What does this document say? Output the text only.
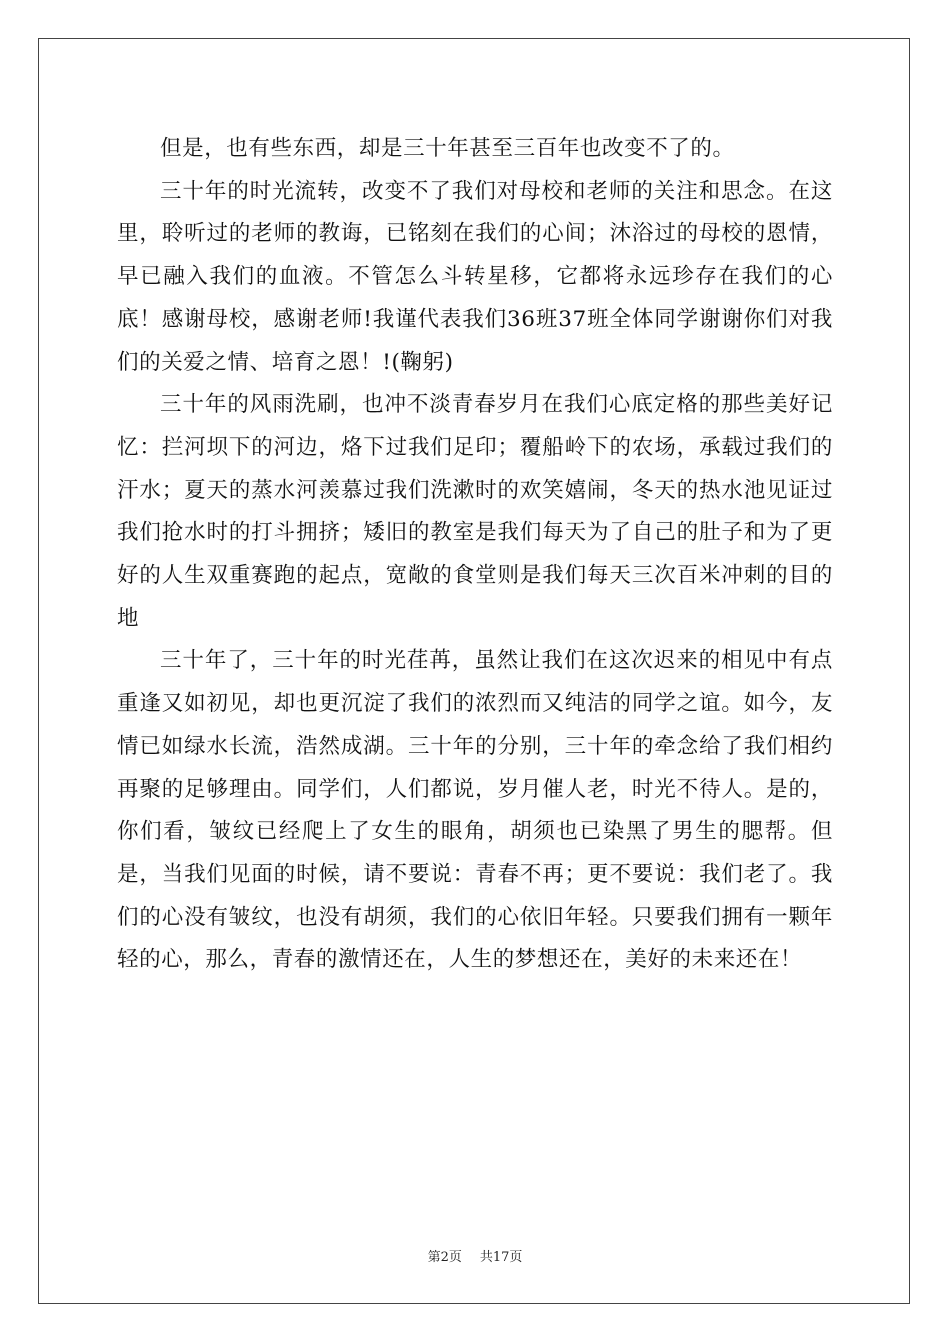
但是，也有些东西，却是三十年甚至三百年也改变不了的。

三十年的时光流转，改变不了我们对母校和老师的关注和思念。在这里，聆听过的老师的教诲，已铭刻在我们的心间；沐浴过的母校的恩情，早已融入我们的血液。不管怎么斗转星移，它都将永远珍存在我们的心底！感谢母校，感谢老师!我谨代表我们36班37班全体同学谢谢你们对我们的关爱之情、培育之恩！!(鞠躬)

三十年的风雨洗刷，也冲不淡青春岁月在我们心底定格的那些美好记忆：拦河坝下的河边，烙下过我们足印；覆船岭下的农场，承载过我们的汗水；夏天的蒸水河羡慕过我们洗漱时的欢笑嬉闹，冬天的热水池见证过我们抢水时的打斗拥挤；矮旧的教室是我们每天为了自己的肚子和为了更好的人生双重赛跑的起点，宽敞的食堂则是我们每天三次百米冲刺的目的地

三十年了，三十年的时光荏苒，虽然让我们在这次迟来的相见中有点重逢又如初见，却也更沉淀了我们的浓烈而又纯洁的同学之谊。如今，友情已如绿水长流，浩然成湖。三十年的分别，三十年的牵念给了我们相约再聚的足够理由。同学们，人们都说，岁月催人老，时光不待人。是的，你们看，皱纹已经爬上了女生的眼角，胡须也已染黑了男生的腮帮。但是，当我们见面的时候，请不要说：青春不再；更不要说：我们老了。我们的心没有皱纹，也没有胡须，我们的心依旧年轻。只要我们拥有一颗年轻的心，那么，青春的激情还在，人生的梦想还在，美好的未来还在！

第2页 共17页
